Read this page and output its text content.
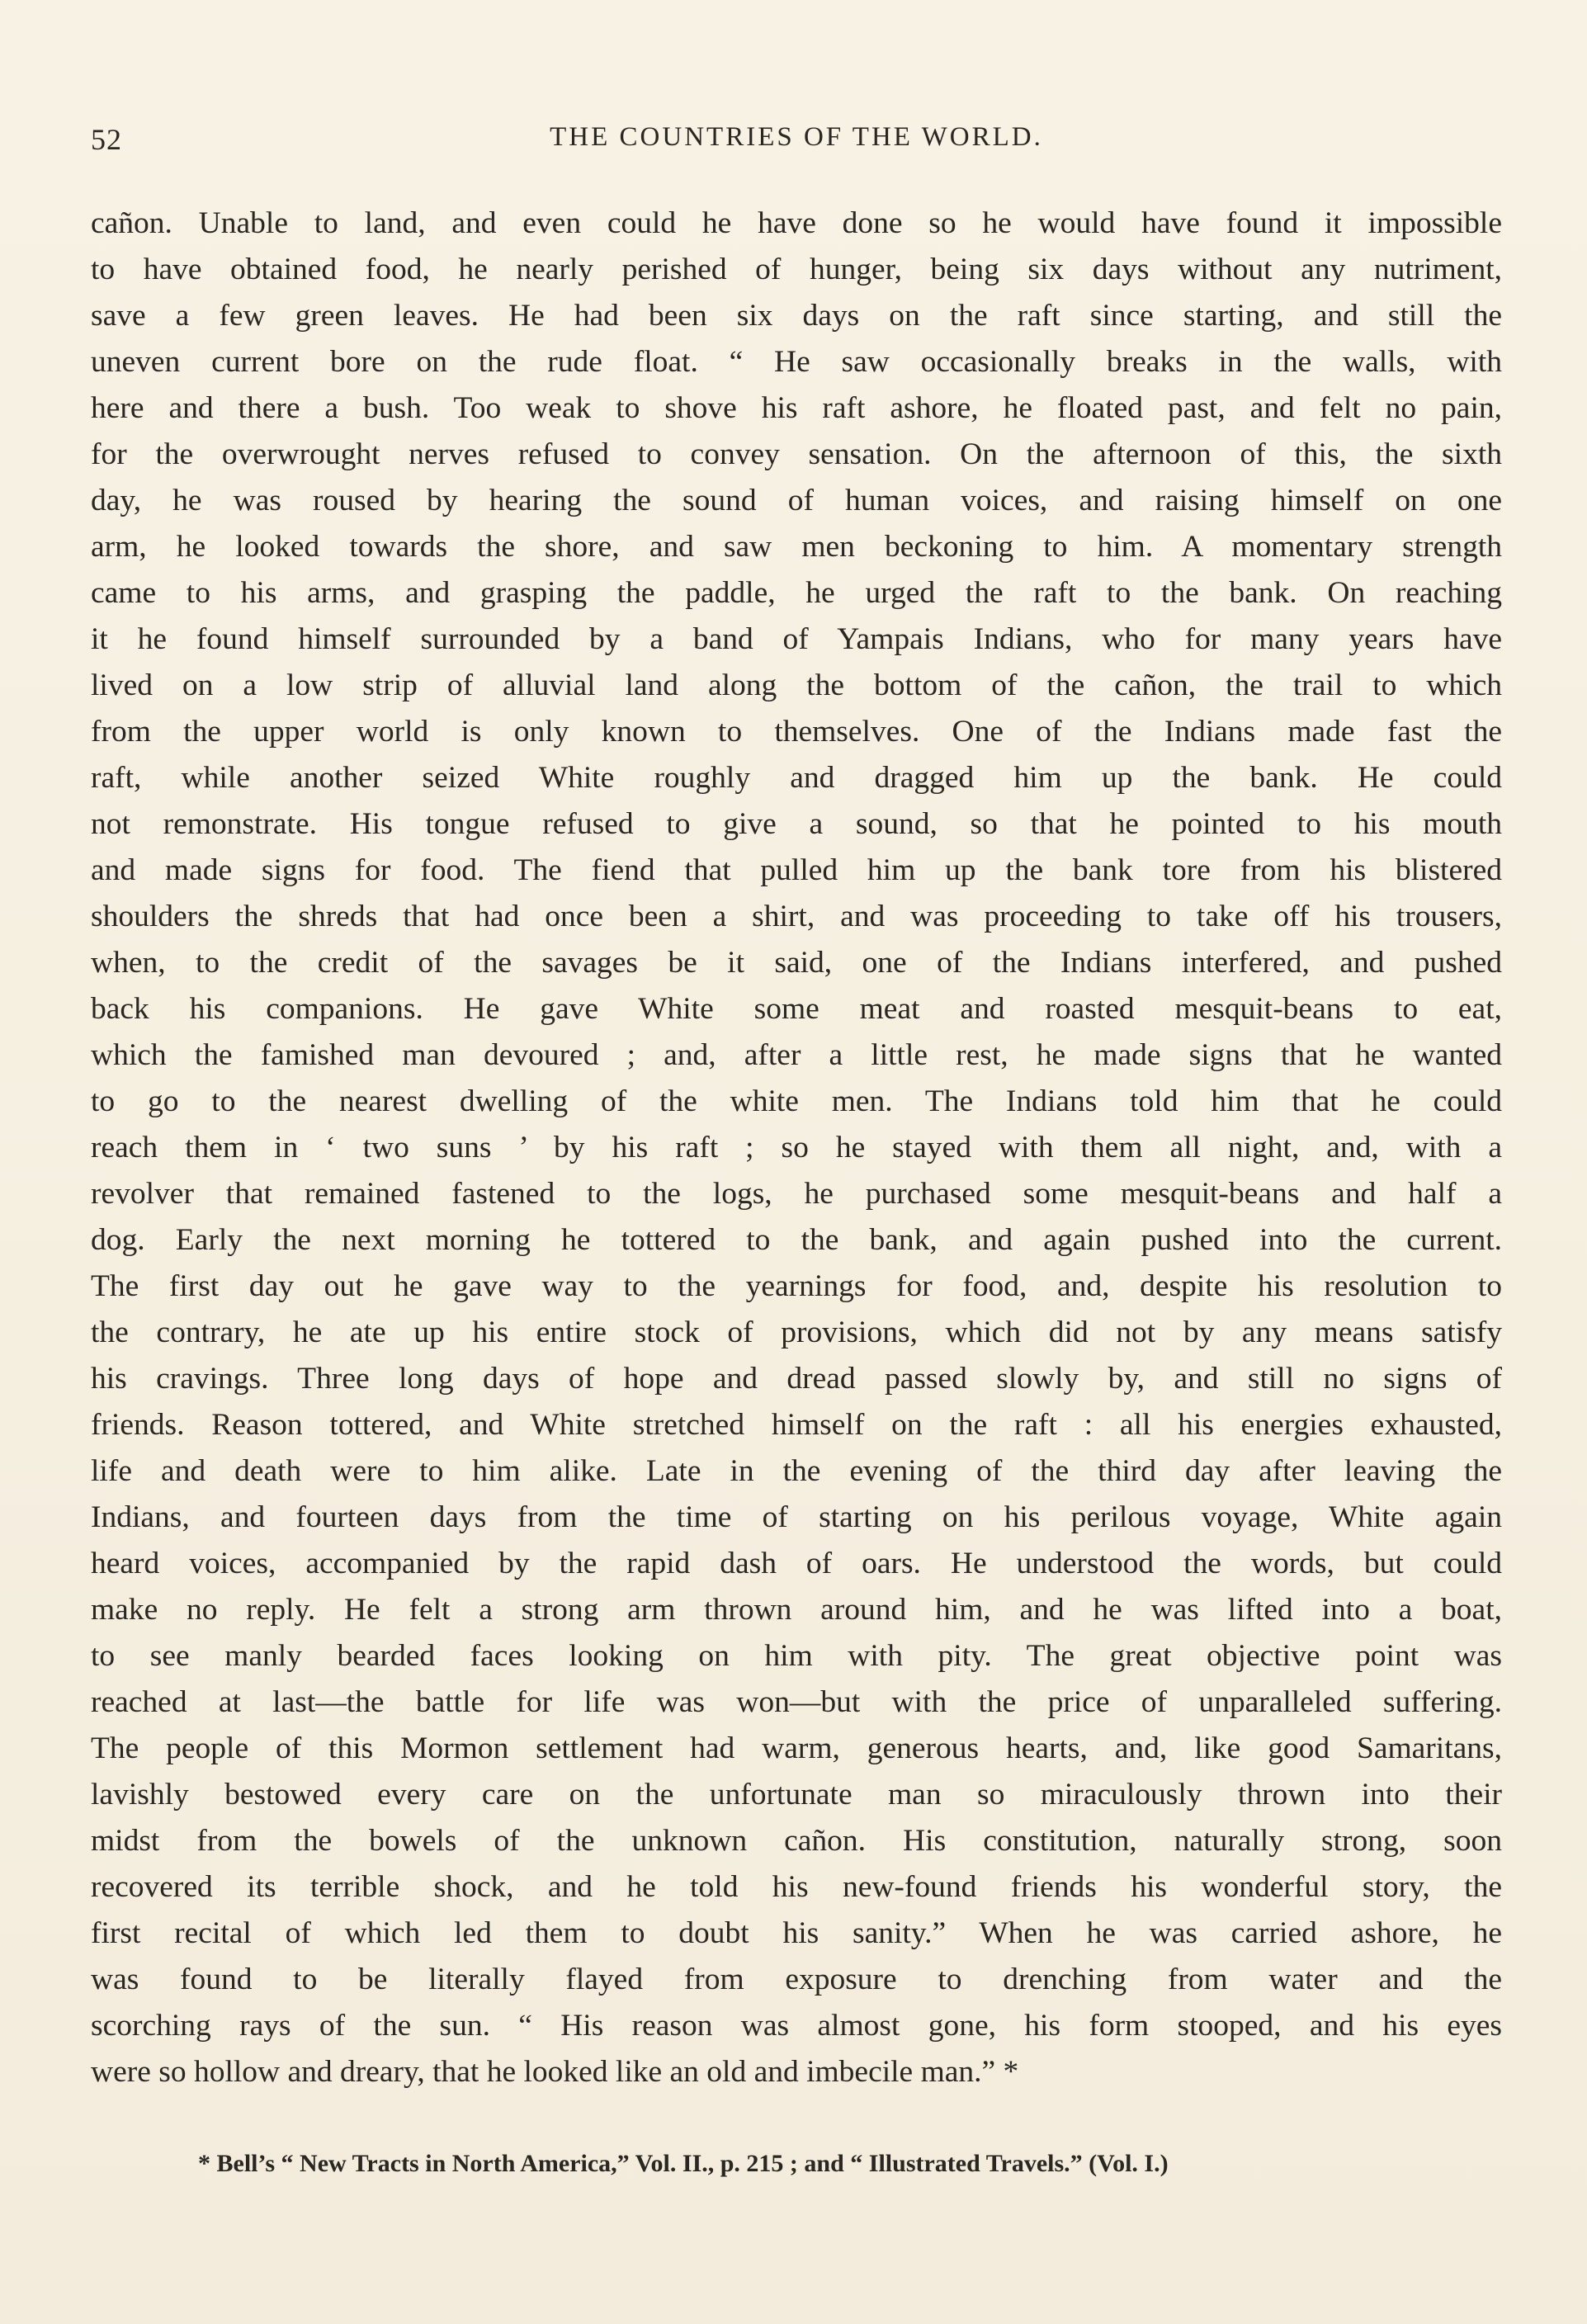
52	THE COUNTRIES OF THE WORLD.
cañon. Unable to land, and even could he have done so he would have found it impossible
to have obtained food, he nearly perished of hunger, being six days without any nutriment,
save a few green leaves. He had been six days on the raft since starting, and still the
uneven current bore on the rude float. “ He saw occasionally breaks in the walls, with
here and there a bush. Too weak to shove his raft ashore, he floated past, and felt no pain,
for the overwrought nerves refused to convey sensation. On the afternoon of this, the sixth
day, he was roused by hearing the sound of human voices, and raising himself on one
arm, he looked towards the shore, and saw men beckoning to him. A momentary strength
came to his arms, and grasping the paddle, he urged the raft to the bank. On reaching
it he found himself surrounded by a band of Yampais Indians, who for many years have
lived on a low strip of alluvial land along the bottom of the cañon, the trail to which
from the upper world is only known to themselves. One of the Indians made fast the
raft, while another seized White roughly and dragged him up the bank. He could
not remonstrate. His tongue refused to give a sound, so that he pointed to his mouth
and made signs for food. The fiend that pulled him up the bank tore from his blistered
shoulders the shreds that had once been a shirt, and was proceeding to take off his trousers,
when, to the credit of the savages be it said, one of the Indians interfered, and pushed
back his companions. He gave White some meat and roasted mesquit-beans to eat,
which the famished man devoured ; and, after a little rest, he made signs that he wanted
to go to the nearest dwelling of the white men. The Indians told him that he could
reach them in ‘ two suns ’ by his raft ; so he stayed with them all night, and, with a
revolver that remained fastened to the logs, he purchased some mesquit-beans and half a
dog. Early the next morning he tottered to the bank, and again pushed into the current.
The first day out he gave way to the yearnings for food, and, despite his resolution to
the contrary, he ate up his entire stock of provisions, which did not by any means satisfy
his cravings. Three long days of hope and dread passed slowly by, and still no signs of
friends. Reason tottered, and White stretched himself on the raft : all his energies exhausted,
life and death were to him alike. Late in the evening of the third day after leaving the
Indians, and fourteen days from the time of starting on his perilous voyage, White again
heard voices, accompanied by the rapid dash of oars. He understood the words, but could
make no reply. He felt a strong arm thrown around him, and he was lifted into a boat,
to see manly bearded faces looking on him with pity. The great objective point was
reached at last—the battle for life was won—but with the price of unparalleled suffering.
The people of this Mormon settlement had warm, generous hearts, and, like good Samaritans,
lavishly bestowed every care on the unfortunate man so miraculously thrown into their
midst from the bowels of the unknown cañon. His constitution, naturally strong, soon
recovered its terrible shock, and he told his new-found friends his wonderful story, the
first recital of which led them to doubt his sanity.” When he was carried ashore, he
was found to be literally flayed from exposure to drenching from water and the
scorching rays of the sun. “ His reason was almost gone, his form stooped, and his eyes
were so hollow and dreary, that he looked like an old and imbecile man.” *
* Bell’s “ New Tracts in North America,” Vol. II., p. 215 ; and “ Illustrated Travels.” (Vol. I.)
